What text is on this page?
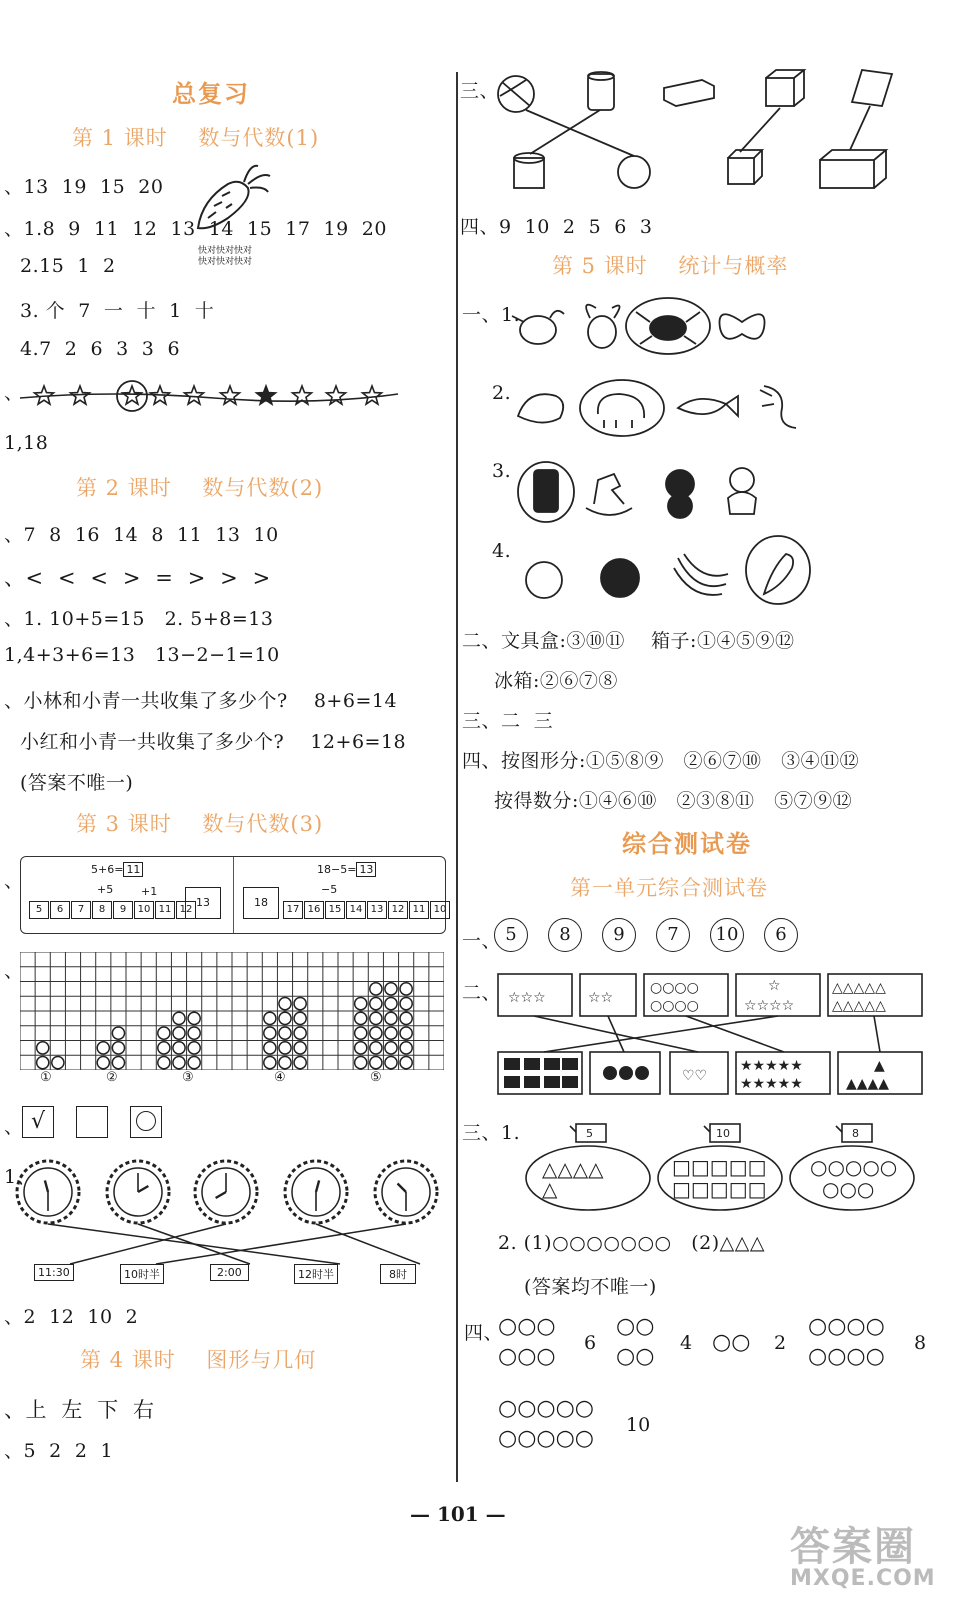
总复习
第 1 课时    数与代数(1)
、13  19  15  20
、1.8  9  11  12  13  14  15  17  19  20
快对快对快对
快对快对快对
2.15  1  2
3. 个  7  一  十  1  十
4.7  2  6  3  3  6
、
1,18
第 2 课时    数与代数(2)
、7  8  16  14  8  11  13  10
、<  <  <  >  =  >  >  >
、1. 10+5=15   2. 5+8=13
1,4+3+6=13   13−2−1=10
、小林和小青一共收集了多少个?    8+6=14
小红和小青一共收集了多少个?    12+6=18
(答案不唯一)
第 3 课时    数与代数(3)
、
5+6= 11
+5	+1
5	6	7	8	9	10 11 12
13
18−5= 13
−5
18
17 16 15 14 13 12 11 10
、
①	②	③	④	⑤
、 √
1、
11:30	10时半	2:00	12时半	8时
、2  12  10  2
第 4 课时    图形与几何
、上  左  下  右
、5  2  2  1
三、
四、9  10  2  5  6  3
第 5 课时    统计与概率
一、1.
2.
3.
4.
二、文具盒:③⑩⑪    箱子:①④⑤⑨⑫
冰箱:②⑥⑦⑧
三、二  三
四、按图形分:①⑤⑧⑨   ②⑥⑦⑩   ③④⑪⑫
按得数分:①④⑥⑩   ②③⑧⑪   ⑤⑦⑨⑫
综合测试卷
第一单元综合测试卷
一、 5	8	9	7	10	6
二、 ☆☆☆	☆☆
○○○○
○○○○
☆
☆☆☆☆
△△△△△
△△△△△
♡♡
★★★★★
★★★★★
▲
▲▲▲▲
三、1.	5	10	8
△△△△
△
□□□□□
□□□□□
○○○○○
○○○
2. (1)○○○○○○○   (2)△△△
(答案均不唯一)
四、
○○○
○○○
6
○○
○○
4 ○○ 2
○○○○
○○○○
8
○○○○○
○○○○○
10
— 101 —
答案圈
MXQE.COM
